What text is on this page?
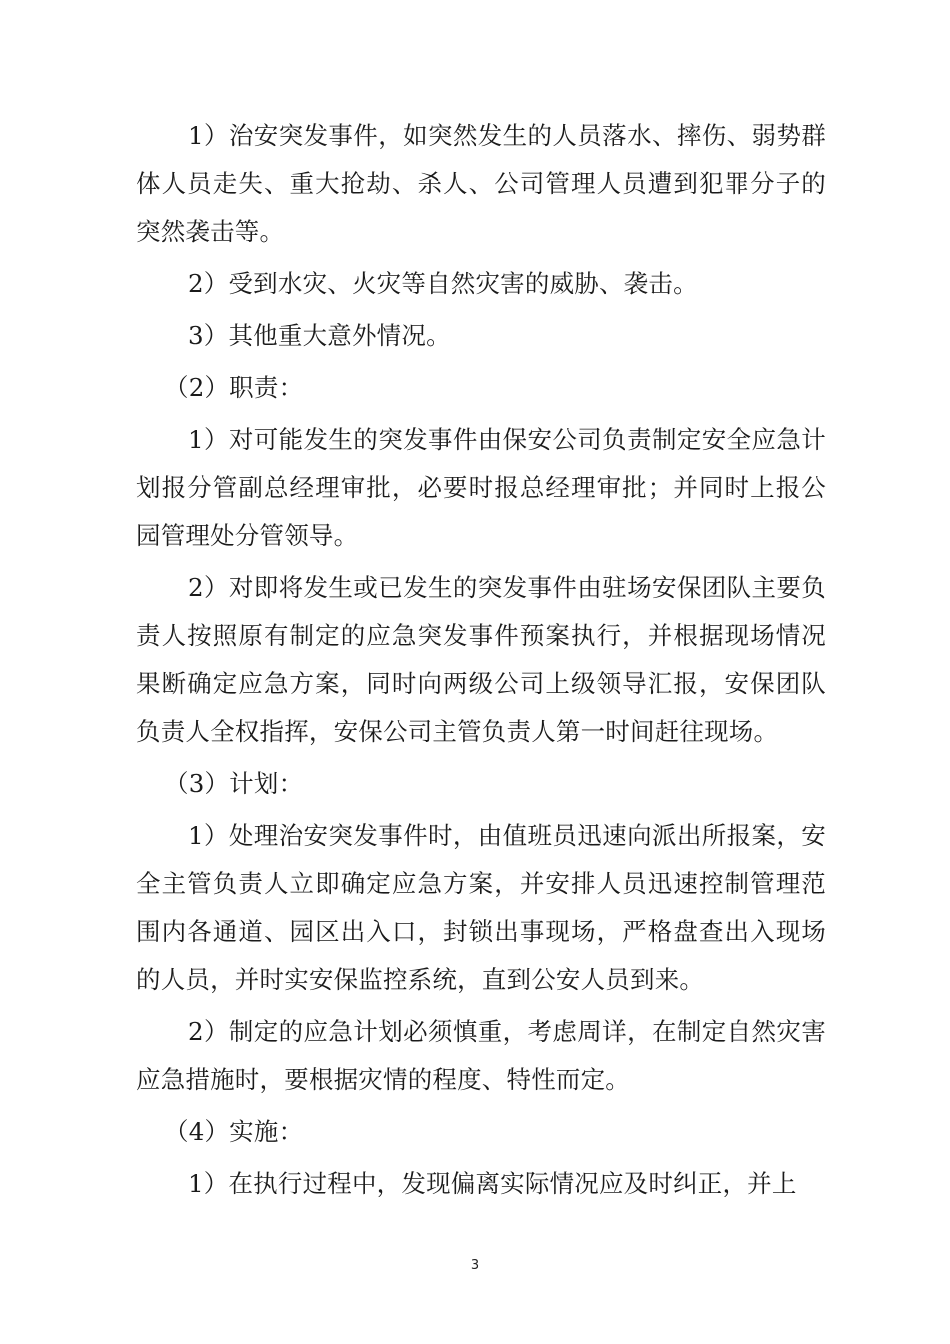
1）治安突发事件，如突然发生的人员落水、摔伤、弱势群体人员走失、重大抢劫、杀人、公司管理人员遭到犯罪分子的突然袭击等。

2）受到水灾、火灾等自然灾害的威胁、袭击。

3）其他重大意外情况。

（2）职责：

1）对可能发生的突发事件由保安公司负责制定安全应急计划报分管副总经理审批，必要时报总经理审批；并同时上报公园管理处分管领导。

2）对即将发生或已发生的突发事件由驻场安保团队主要负责人按照原有制定的应急突发事件预案执行，并根据现场情况果断确定应急方案，同时向两级公司上级领导汇报，安保团队负责人全权指挥，安保公司主管负责人第一时间赶往现场。

（3）计划：

1）处理治安突发事件时，由值班员迅速向派出所报案，安全主管负责人立即确定应急方案，并安排人员迅速控制管理范围内各通道、园区出入口，封锁出事现场，严格盘查出入现场的人员，并时实安保监控系统，直到公安人员到来。

2）制定的应急计划必须慎重，考虑周详，在制定自然灾害应急措施时，要根据灾情的程度、特性而定。

（4）实施：

1）在执行过程中，发现偏离实际情况应及时纠正，并上

3
